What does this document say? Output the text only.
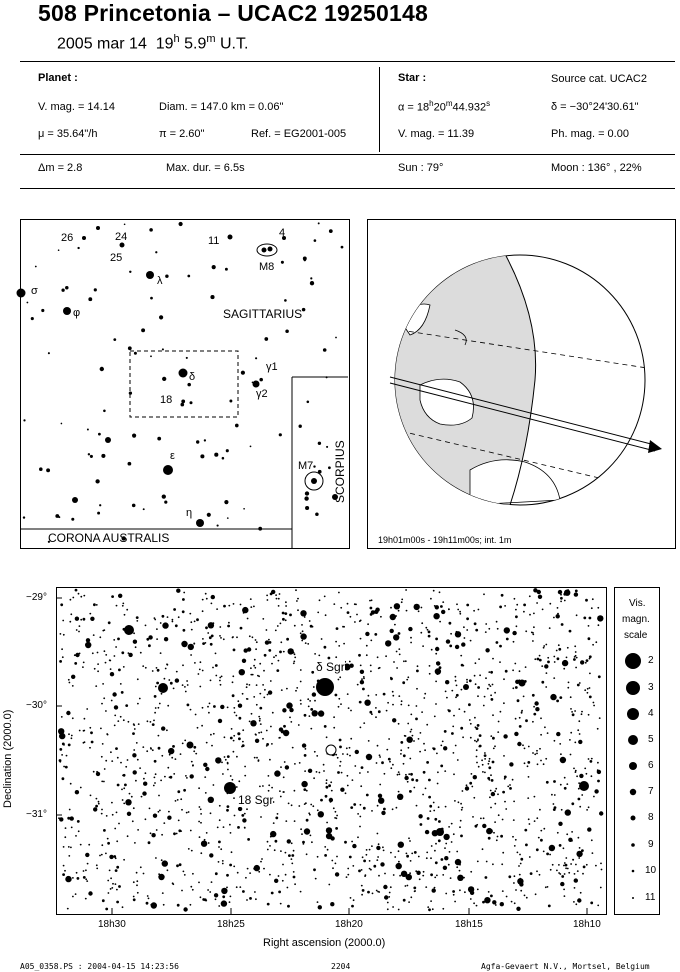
508 Princetonia – UCAC2 19250148
2005 mar 14 19$^h$ 5.9$^m$ U.T.
Planet :
V. mag. = 14.14	Diam. = 147.0 km = 0.06"
μ = 35.64"/h	π = 2.60"	Ref. = EG2001-005
Star :	Source cat. UCAC2
$\alpha = 18^h20^m44.932^s$	δ = −30°24'30.61"
V. mag. = 11.39	Ph. mag. = 0.00
Δm = 2.8	Max. dur. = 6.5s	Sun : 79°	Moon : 136° , 22%
26	24
25
11
4
M8
σ
λ
φ	SAGITTARIUS
δ
18
γ1
γ2
ε
η
M7 SCORPIUS
CORONA AUSTRALIS	19h01m00s - 19h11m00s; int. 1m
18h30	18h25	18h20	18h15	18h10
Right ascension (2000.0)
−29°
−30°
−31°
Declination (2000.0)
δ Sgr
18 Sgr
Vis.
magn.
scale
2
3
4
5
6
7
8
9
10
11
A05_0358.PS : 2004-04-15 14:23:56	2204	Agfa-Gevaert N.V., Mortsel, Belgium
